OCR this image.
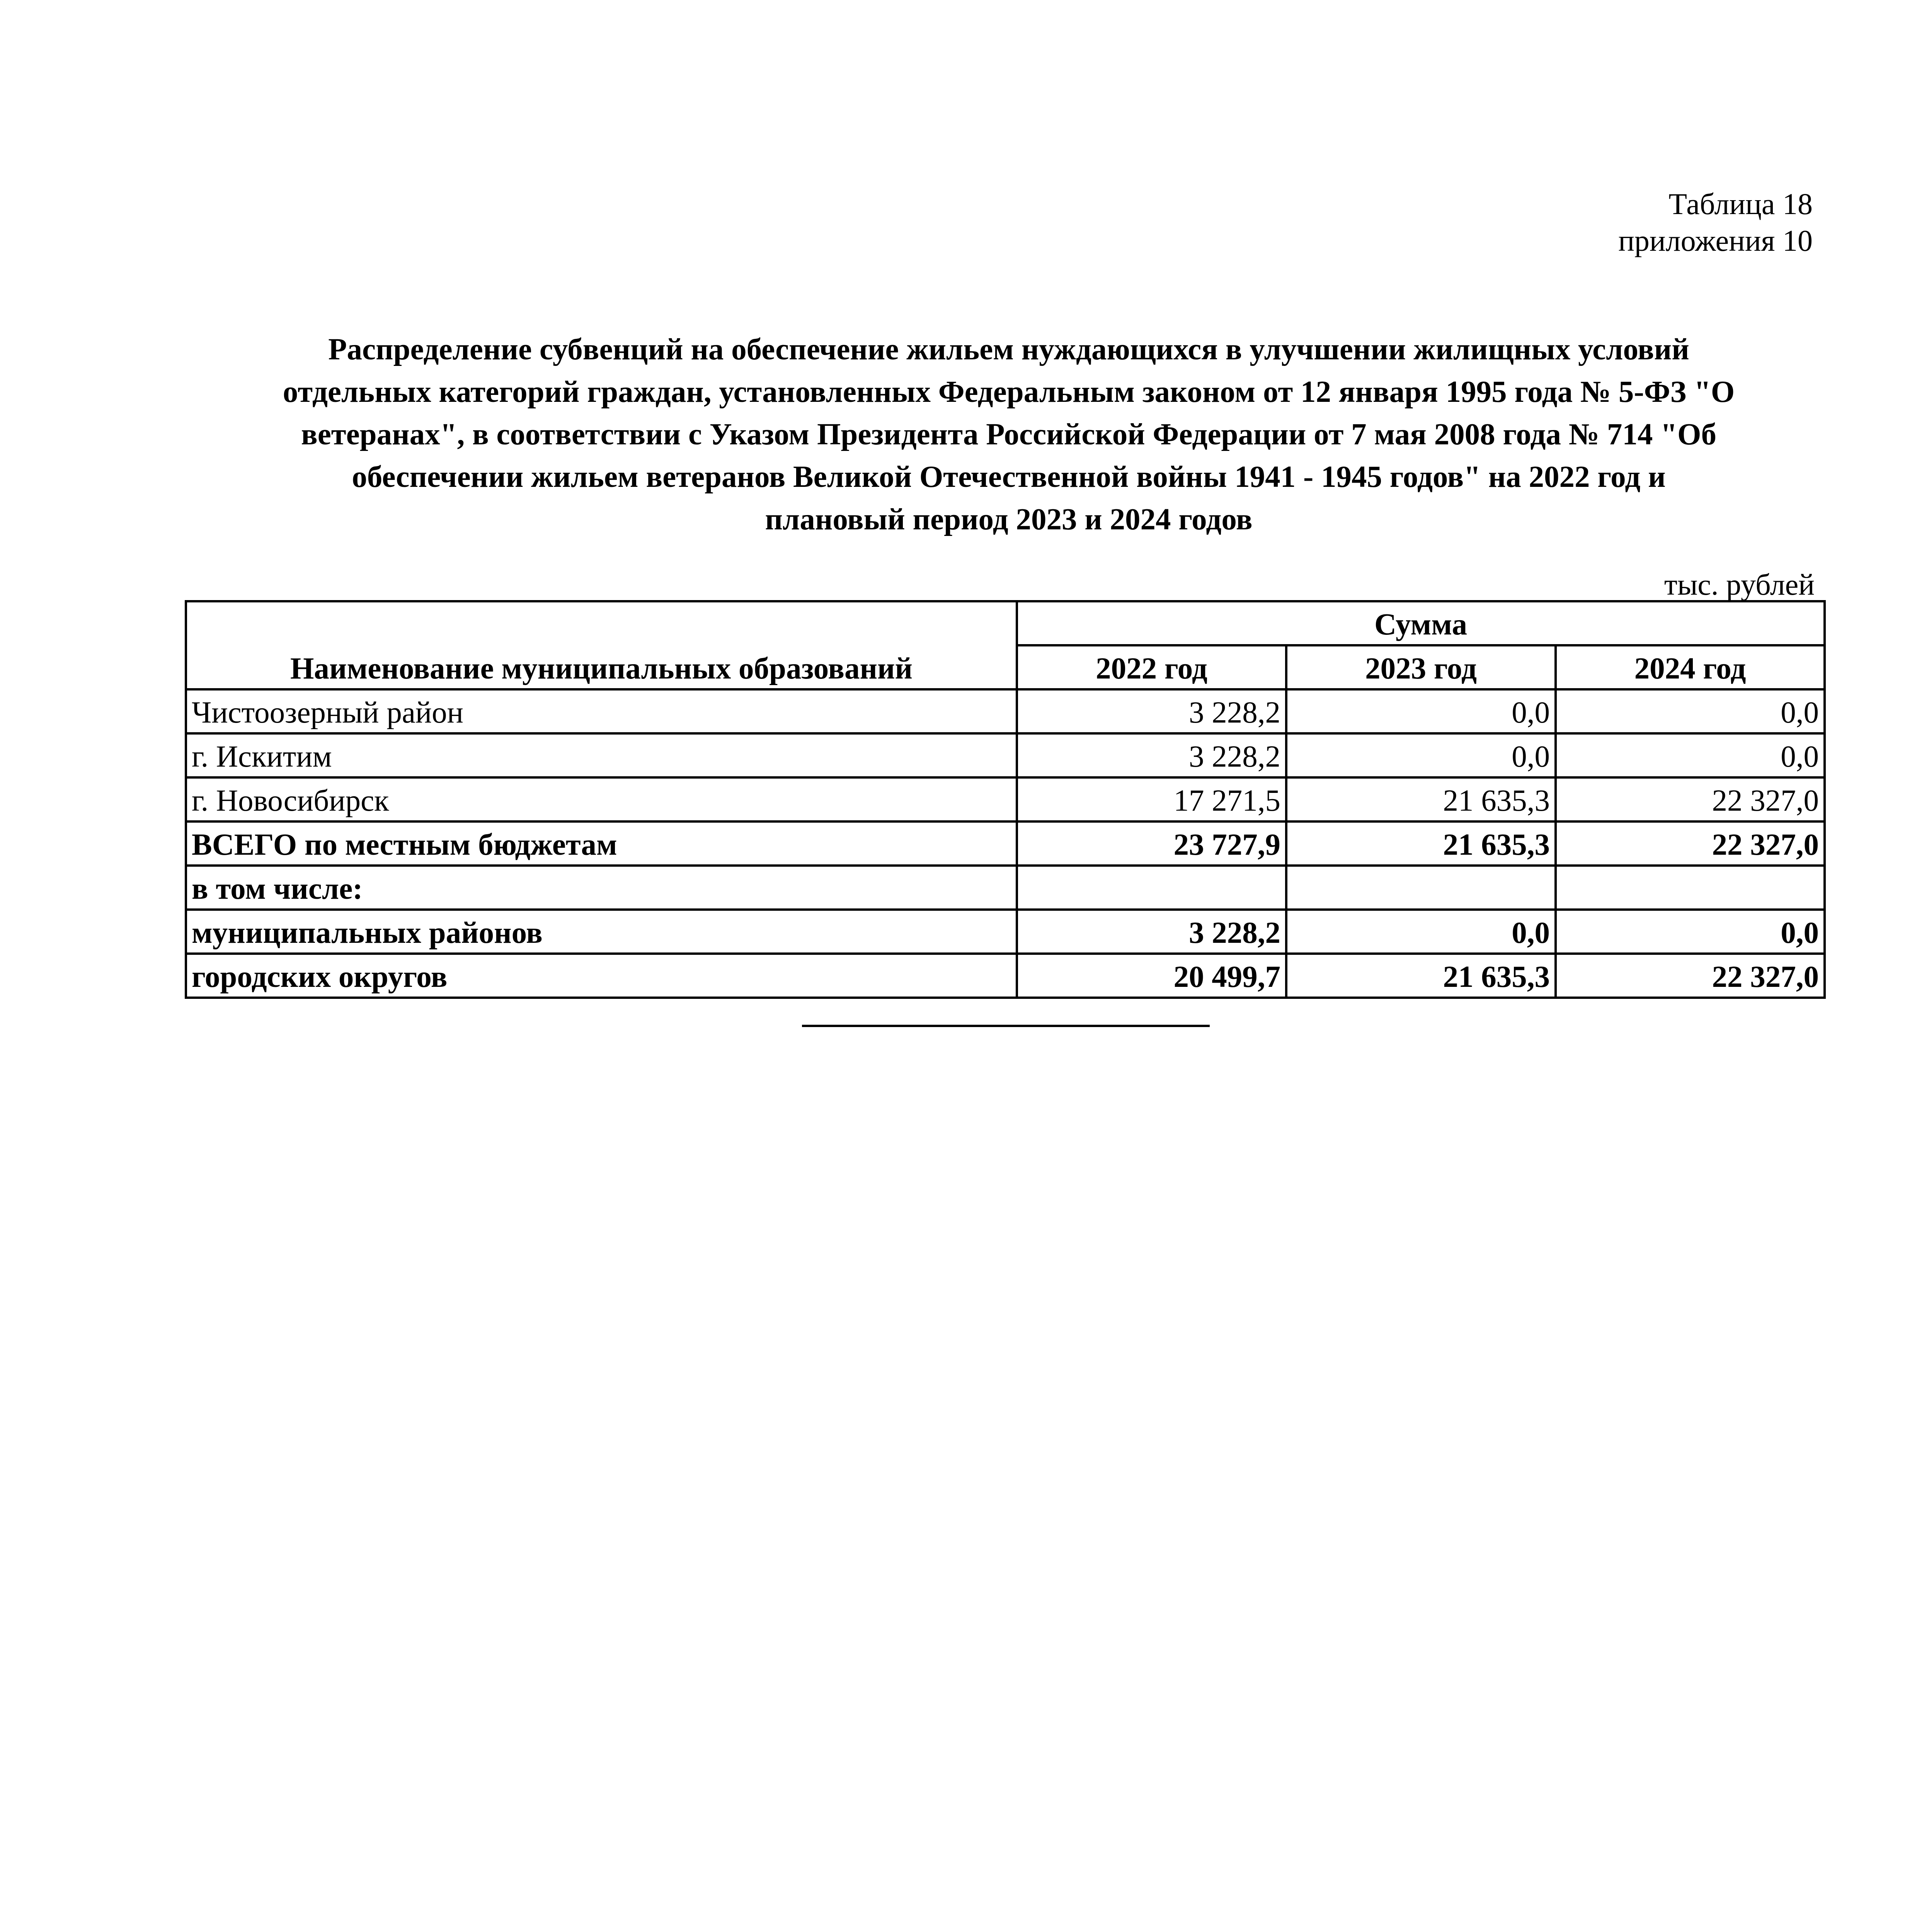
Таблица 18
приложения 10
Распределение субвенций на обеспечение жильем нуждающихся в улучшении жилищных условий
отдельных категорий граждан, установленных Федеральным законом от 12 января 1995 года № 5-ФЗ "О
ветеранах", в соответствии с Указом Президента Российской Федерации от 7 мая 2008 года № 714 "Об
обеспечении жильем ветеранов Великой Отечественной войны 1941 - 1945 годов" на 2022 год и
плановый период 2023 и 2024 годов
тыс. рублей
Наименование муниципальных образований	Сумма		
	2022 год	2023 год	2024 год
Чистоозерный район	3 228,2	0,0	0,0
г. Искитим	3 228,2	0,0	0,0
г. Новосибирск	17 271,5	21 635,3	22 327,0
ВСЕГО по местным бюджетам	23 727,9	21 635,3	22 327,0
в том числе:			
муниципальных районов	3 228,2	0,0	0,0
городских округов	20 499,7	21 635,3	22 327,0
